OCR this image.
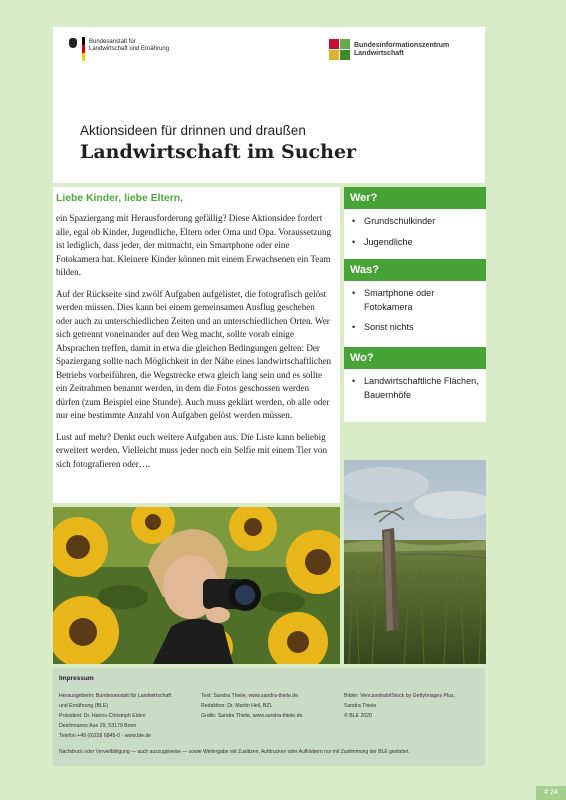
Bundesanstalt für
Landwirtschaft und Ernährung
Bundesinformationszentrum
Landwirtschaft
Aktionsideen für drinnen und draußen
Landwirtschaft im Sucher
Liebe Kinder, liebe Eltern,

ein Spaziergang mit Herausforderung gefällig? Diese Aktionsidee fordert alle, egal ob Kinder, Jugendliche, Eltern oder Oma und Opa. Voraussetzung ist lediglich, dass jeder, der mitmacht, ein Smartphone oder eine Fotokamera hat. Kleinere Kinder können mit einem Erwachsenen ein Team bilden.

Auf der Rückseite sind zwölf Aufgaben aufgelistet, die fotografisch gelöst werden müssen. Dies kann bei einem gemeinsamen Ausflug geschehen oder auch zu unterschiedlichen Zeiten und an unterschiedlichen Orten. Wer sich getrennt voneinander auf den Weg macht, sollte vorab einige Absprachen treffen, damit in etwa die gleichen Bedingungen gelten: Der Spaziergang sollte nach Möglichkeit in der Nähe eines landwirtschaftlichen Betriebs vorbeiführen, die Wegstrecke etwa gleich lang sein und es sollte ein Zeitrahmen benannt werden, in dem die Fotos geschossen werden dürfen (zum Beispiel eine Stunde). Auch muss geklärt werden, ob alle oder nur eine bestimmte Anzahl von Aufgaben gelöst werden müssen.

Lust auf mehr? Denkt euch weitere Aufgaben aus. Die Liste kann beliebig erweitert werden. Vielleicht muss jeder noch ein Selfie mit einem Tier von sich fotografieren oder….

Wer?
• Grundschulkinder
• Jugendliche
Was?
• Smartphone oder Fotokamera
• Sonst nichts
Wo?
• Landwirtschaftliche Flächen, Bauernhöfe
Impressum
Herausgeberin: Bundesanstalt für Landwirtschaft
und Ernährung (BLE)
Präsident: Dr. Hanns-Christoph Eiden
Deichmanns Aue 29, 53179 Bonn
Telefon +49 (0)228 6845-0 · www.ble.de
Text: Sandra Thiele, www.sandra-thiele.de
Redaktion: Dr. Martin Heil, BZL
Grafik: Sandra Thiele, www.sandra-thiele.de
Bilder: Vencavolrab/iStock by GettyImages Plus,
Sandra Thiele
© BLE 2020
Nachdruck oder Vervielfältigung — auch auszugsweise — sowie Weitergabe mit Zusätzen, Aufdrucken oder Aufklebern nur mit Zustimmung der BLE gestattet.
# 24
